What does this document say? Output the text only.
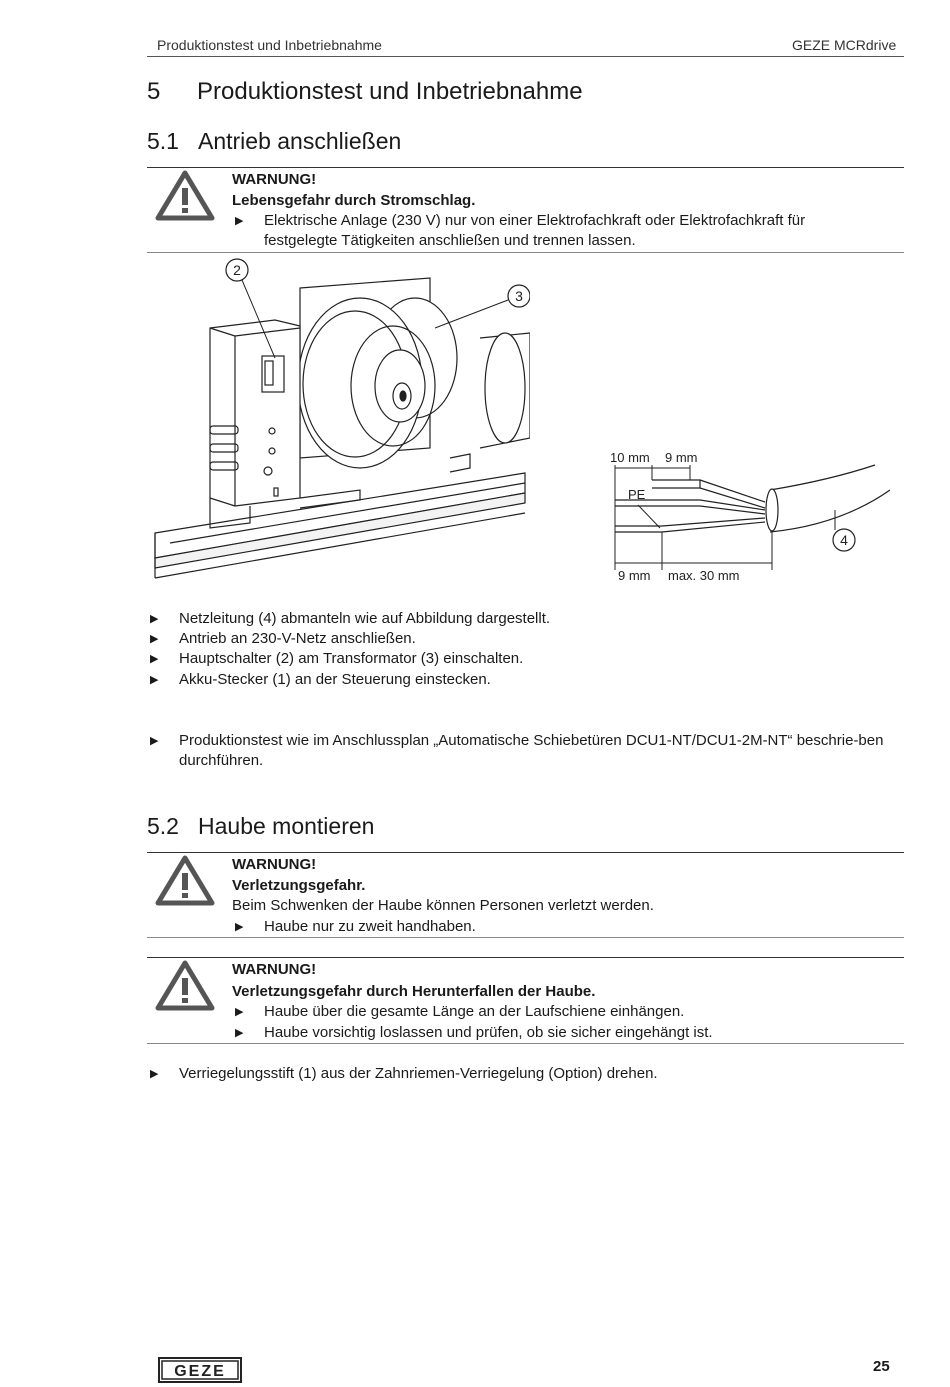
Produktionstest und Inbetriebnahme	GEZE MCRdrive
5 Produktionstest und Inbetriebnahme
5.1 Antrieb anschließen
WARNUNG!
Lebensgefahr durch Stromschlag.
▶ Elektrische Anlage (230 V) nur von einer Elektrofachkraft oder Elektrofachkraft für festgelegte Tätigkeiten anschließen und trennen lassen.
2
3
10 mm 9 mm
PE
9 mm max. 30 mm
4
▶ Netzleitung (4) abmanteln wie auf Abbildung dargestellt.
▶ Antrieb an 230-V-Netz anschließen.
▶ Hauptschalter (2) am Transformator (3) einschalten.
▶ Akku-Stecker (1) an der Steuerung einstecken.
▶ Produktionstest wie im Anschlussplan „Automatische Schiebetüren DCU1-NT/DCU1-2M-NT“ beschrie-ben durchführen.
5.2 Haube montieren
WARNUNG!
Verletzungsgefahr.
Beim Schwenken der Haube können Personen verletzt werden.
▶ Haube nur zu zweit handhaben.
WARNUNG!
Verletzungsgefahr durch Herunterfallen der Haube.
▶ Haube über die gesamte Länge an der Laufschiene einhängen.
▶ Haube vorsichtig loslassen und prüfen, ob sie sicher eingehängt ist.
▶ Verriegelungsstift (1) aus der Zahnriemen-Verriegelung (Option) drehen.
GEZE	25
